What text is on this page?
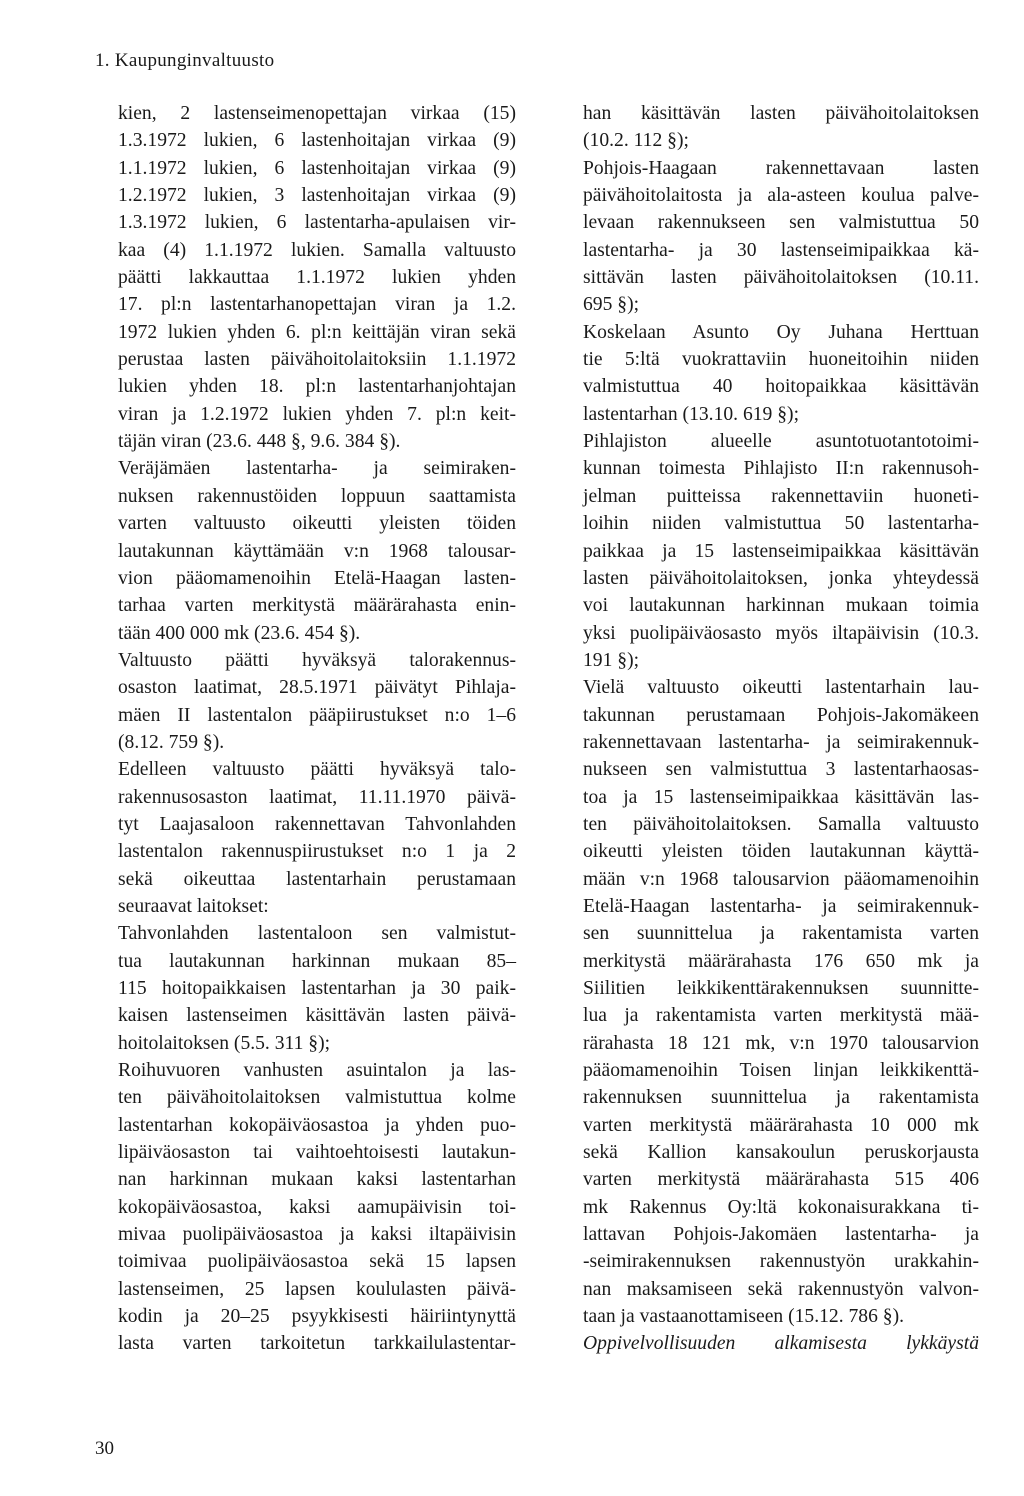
1. Kaupunginvaltuusto
kien, 2 lastenseimenopettajan virkaa (15)
1.3.1972 lukien, 6 lastenhoitajan virkaa (9)
1.1.1972 lukien, 6 lastenhoitajan virkaa (9)
1.2.1972 lukien, 3 lastenhoitajan virkaa (9)
1.3.1972 lukien, 6 lastentarha-apulaisen vir-
kaa (4) 1.1.1972 lukien. Samalla valtuusto
päätti lakkauttaa 1.1.1972 lukien yhden
17. pl:n lastentarhanopettajan viran ja 1.2.
1972 lukien yhden 6. pl:n keittäjän viran sekä
perustaa lasten päivähoitolaitoksiin 1.1.1972
lukien yhden 18. pl:n lastentarhanjohtajan
viran ja 1.2.1972 lukien yhden 7. pl:n keit-
täjän viran (23.6. 448 §, 9.6. 384 §).
Veräjämäen lastentarha- ja seimiraken-
nuksen rakennustöiden loppuun saattamista
varten valtuusto oikeutti yleisten töiden
lautakunnan käyttämään v:n 1968 talousar-
vion pääomamenoihin Etelä-Haagan lasten-
tarhaa varten merkitystä määrärahasta enin-
tään 400 000 mk (23.6. 454 §).
Valtuusto päätti hyväksyä talorakennus-
osaston laatimat, 28.5.1971 päivätyt Pihlaja-
mäen II lastentalon pääpiirustukset n:o 1–6
(8.12. 759 §).
Edelleen valtuusto päätti hyväksyä talo-
rakennusosaston laatimat, 11.11.1970 päivä-
tyt Laajasaloon rakennettavan Tahvonlahden
lastentalon rakennuspiirustukset n:o 1 ja 2
sekä oikeuttaa lastentarhain perustamaan
seuraavat laitokset:
Tahvonlahden lastentaloon sen valmistut-
tua lautakunnan harkinnan mukaan 85–
115 hoitopaikkaisen lastentarhan ja 30 paik-
kaisen lastenseimen käsittävän lasten päivä-
hoitolaitoksen (5.5. 311 §);
Roihuvuoren vanhusten asuintalon ja las-
ten päivähoitolaitoksen valmistuttua kolme
lastentarhan kokopäiväosastoa ja yhden puo-
lipäiväosaston tai vaihtoehtoisesti lautakun-
nan harkinnan mukaan kaksi lastentarhan
kokopäiväosastoa, kaksi aamupäivisin toi-
mivaa puolipäiväosastoa ja kaksi iltapäivisin
toimivaa puolipäiväosastoa sekä 15 lapsen
lastenseimen, 25 lapsen koululasten päivä-
kodin ja 20–25 psyykkisesti häiriintynyttä
lasta varten tarkoitetun tarkkailulastentar-
han käsittävän lasten päivähoitolaitoksen
(10.2. 112 §);
Pohjois-Haagaan rakennettavaan lasten
päivähoitolaitosta ja ala-asteen koulua palve-
levaan rakennukseen sen valmistuttua 50
lastentarha- ja 30 lastenseimipaikkaa kä-
sittävän lasten päivähoitolaitoksen (10.11.
695 §);
Koskelaan Asunto Oy Juhana Herttuan
tie 5:ltä vuokrattaviin huoneitoihin niiden
valmistuttua 40 hoitopaikkaa käsittävän
lastentarhan (13.10. 619 §);
Pihlajiston alueelle asuntotuotantotoimi-
kunnan toimesta Pihlajisto II:n rakennusoh-
jelman puitteissa rakennettaviin huoneti-
loihin niiden valmistuttua 50 lastentarha-
paikkaa ja 15 lastenseimipaikkaa käsittävän
lasten päivähoitolaitoksen, jonka yhteydessä
voi lautakunnan harkinnan mukaan toimia
yksi puolipäiväosasto myös iltapäivisin (10.3.
191 §);
Vielä valtuusto oikeutti lastentarhain lau-
takunnan perustamaan Pohjois-Jakomäkeen
rakennettavaan lastentarha- ja seimirakennuk-
nukseen sen valmistuttua 3 lastentarhaosas-
toa ja 15 lastenseimipaikkaa käsittävän las-
ten päivähoitolaitoksen. Samalla valtuusto
oikeutti yleisten töiden lautakunnan käyttä-
mään v:n 1968 talousarvion pääomamenoihin
Etelä-Haagan lastentarha- ja seimirakennuk-
sen suunnittelua ja rakentamista varten
merkitystä määrärahasta 176 650 mk ja
Siilitien leikkikenttärakennuksen suunnitte-
lua ja rakentamista varten merkitystä mää-
rärahasta 18 121 mk, v:n 1970 talousarvion
pääomamenoihin Toisen linjan leikkikenttä-
rakennuksen suunnittelua ja rakentamista
varten merkitystä määrärahasta 10 000 mk
sekä Kallion kansakoulun peruskorjausta
varten merkitystä määrärahasta 515 406
mk Rakennus Oy:ltä kokonaisurakkana ti-
lattavan Pohjois-Jakomäen lastentarha- ja
-seimirakennuksen rakennustyön urakkahin-
nan maksamiseen sekä rakennustyön valvon-
taan ja vastaanottamiseen (15.12. 786 §).
Oppivelvollisuuden alkamisesta lykkäystä
30
